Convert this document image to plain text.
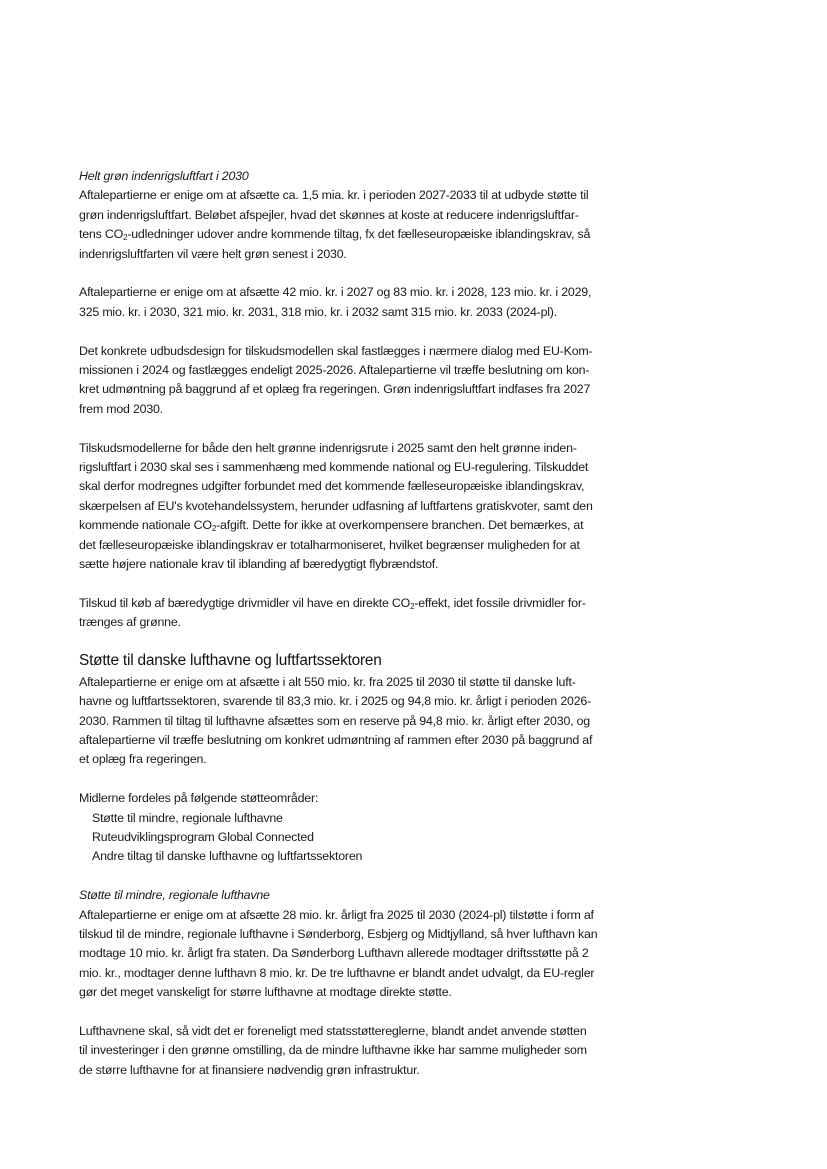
Helt grøn indenrigsluftfart i 2030

Aftalepartierne er enige om at afsætte ca. 1,5 mia. kr. i perioden 2027-2033 til at udbyde støtte til

grøn indenrigsluftfart. Beløbet afspejler, hvad det skønnes at koste at reducere indenrigsluftfar-

tens $CO_2$-udledninger udover andre kommende tiltag, fx det fælleseuropæiske iblandingskrav, så

indenrigsluftfarten vil være helt grøn senest i 2030.

Aftalepartierne er enige om at afsætte 42 mio. kr. i 2027 og 83 mio. kr. i 2028, 123 mio. kr. i 2029,

325 mio. kr. i 2030, 321 mio. kr. 2031, 318 mio. kr. i 2032 samt 315 mio. kr. 2033 (2024-pl).

Det konkrete udbudsdesign for tilskudsmodellen skal fastlægges i nærmere dialog med EU-Kom-

missionen i 2024 og fastlægges endeligt 2025-2026. Aftalepartierne vil træffe beslutning om kon-

kret udmøntning på baggrund af et oplæg fra regeringen. Grøn indenrigsluftfart indfases fra 2027

frem mod 2030.

Tilskudsmodellerne for både den helt grønne indenrigsrute i 2025 samt den helt grønne inden-

rigsluftfart i 2030 skal ses i sammenhæng med kommende national og EU-regulering. Tilskuddet

skal derfor modregnes udgifter forbundet med det kommende fælleseuropæiske iblandingskrav,

skærpelsen af EU's kvotehandelssystem, herunder udfasning af luftfartens gratiskvoter, samt den

kommende nationale $CO_2$-afgift. Dette for ikke at overkompensere branchen. Det bemærkes, at

det fælleseuropæiske iblandingskrav er totalharmoniseret, hvilket begrænser muligheden for at

sætte højere nationale krav til iblanding af bæredygtigt flybrændstof.

Tilskud til køb af bæredygtige drivmidler vil have en direkte $CO_2$-effekt, idet fossile drivmidler for-

trænges af grønne.

Støtte til danske lufthavne og luftfartssektoren

Aftalepartierne er enige om at afsætte i alt 550 mio. kr. fra 2025 til 2030 til støtte til danske luft-

havne og luftfartssektoren, svarende til 83,3 mio. kr. i 2025 og 94,8 mio. kr. årligt i perioden 2026-

2030. Rammen til tiltag til lufthavne afsættes som en reserve på 94,8 mio. kr. årligt efter 2030, og

aftalepartierne vil træffe beslutning om konkret udmøntning af rammen efter 2030 på baggrund af

et oplæg fra regeringen.

Midlerne fordeles på følgende støtteområder:

Støtte til mindre, regionale lufthavne
Ruteudviklingsprogram Global Connected
Andre tiltag til danske lufthavne og luftfartssektoren

Støtte til mindre, regionale lufthavne

Aftalepartierne er enige om at afsætte 28 mio. kr. årligt fra 2025 til 2030 (2024-pl) tilstøtte i form af

tilskud til de mindre, regionale lufthavne i Sønderborg, Esbjerg og Midtjylland, så hver lufthavn kan

modtage 10 mio. kr. årligt fra staten. Da Sønderborg Lufthavn allerede modtager driftsstøtte på 2

mio. kr., modtager denne lufthavn 8 mio. kr. De tre lufthavne er blandt andet udvalgt, da EU-regler

gør det meget vanskeligt for større lufthavne at modtage direkte støtte.

Lufthavnene skal, så vidt det er foreneligt med statsstøttereglerne, blandt andet anvende støtten

til investeringer i den grønne omstilling, da de mindre lufthavne ikke har samme muligheder som

de større lufthavne for at finansiere nødvendig grøn infrastruktur.
